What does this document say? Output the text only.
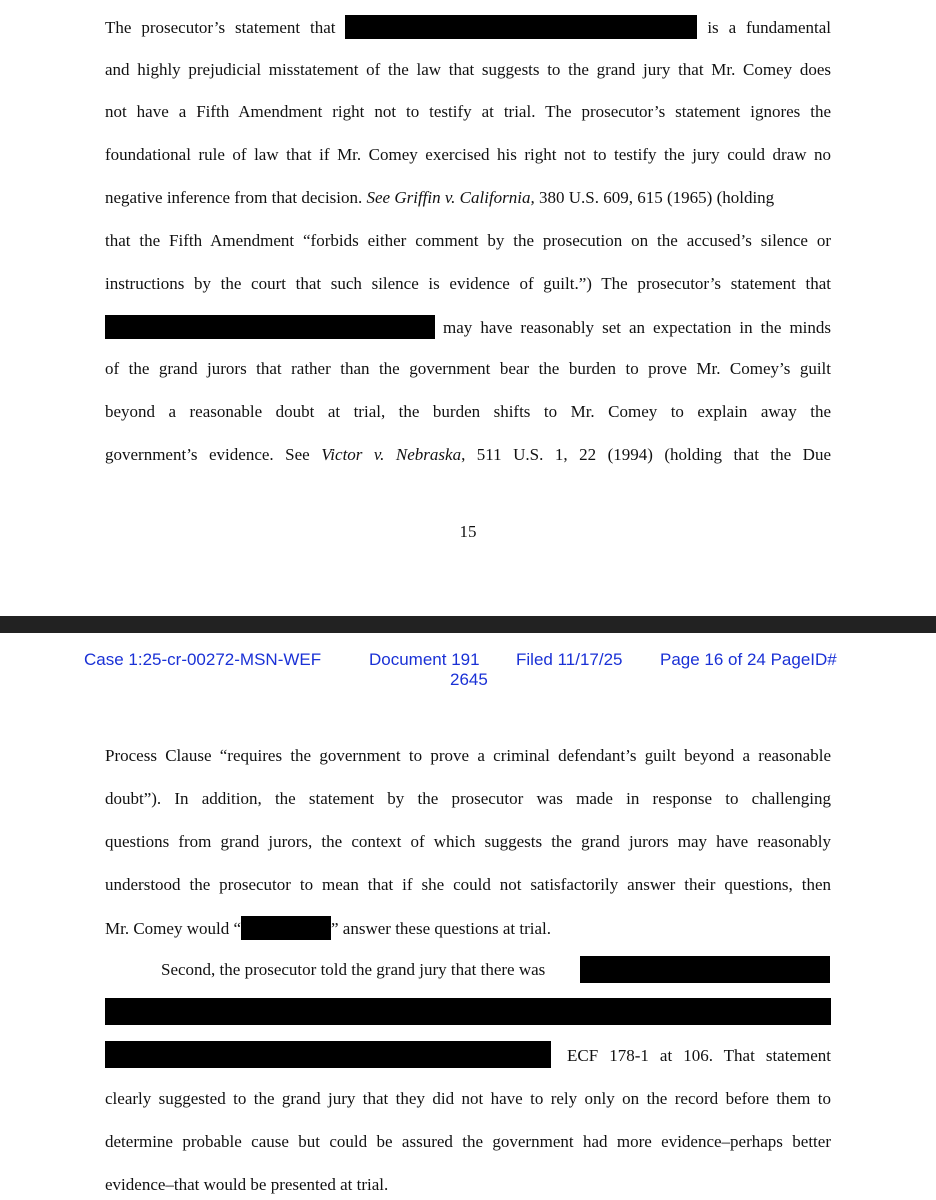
The prosecutor’s statement that	is a fundamental
and highly prejudicial misstatement of the law that suggests to the grand jury that Mr. Comey does
not have a Fifth Amendment right not to testify at trial. The prosecutor’s statement ignores the
foundational rule of law that if Mr. Comey exercised his right not to testify the jury could draw no
negative inference from that decision. See Griffin v. California, 380 U.S. 609, 615 (1965) (holding
that the Fifth Amendment “forbids either comment by the prosecution on the accused’s silence or
instructions by the court that such silence is evidence of guilt.”) The prosecutor’s statement that
may have reasonably set an expectation in the minds
of the grand jurors that rather than the government bear the burden to prove Mr. Comey’s guilt
beyond a reasonable doubt at trial, the burden shifts to Mr. Comey to explain away the
government’s evidence. See Victor v. Nebraska, 511 U.S. 1, 22 (1994) (holding that the Due
15
Case 1:25-cr-00272-MSN-WEF	Document 191
2645
Filed 11/17/25 Page 16 of 24 PageID#
Process Clause “requires the government to prove a criminal defendant’s guilt beyond a reasonable
doubt”). In addition, the statement by the prosecutor was made in response to challenging
questions from grand jurors, the context of which suggests the grand jurors may have reasonably
understood the prosecutor to mean that if she could not satisfactorily answer their questions, then
Mr. Comey would “	” answer these questions at trial.
Second, the prosecutor told the grand jury that there was
ECF 178-1 at 106. That statement
clearly suggested to the grand jury that they did not have to rely only on the record before them to
determine probable cause but could be assured the government had more evidence–perhaps better
evidence–that would be presented at trial.
